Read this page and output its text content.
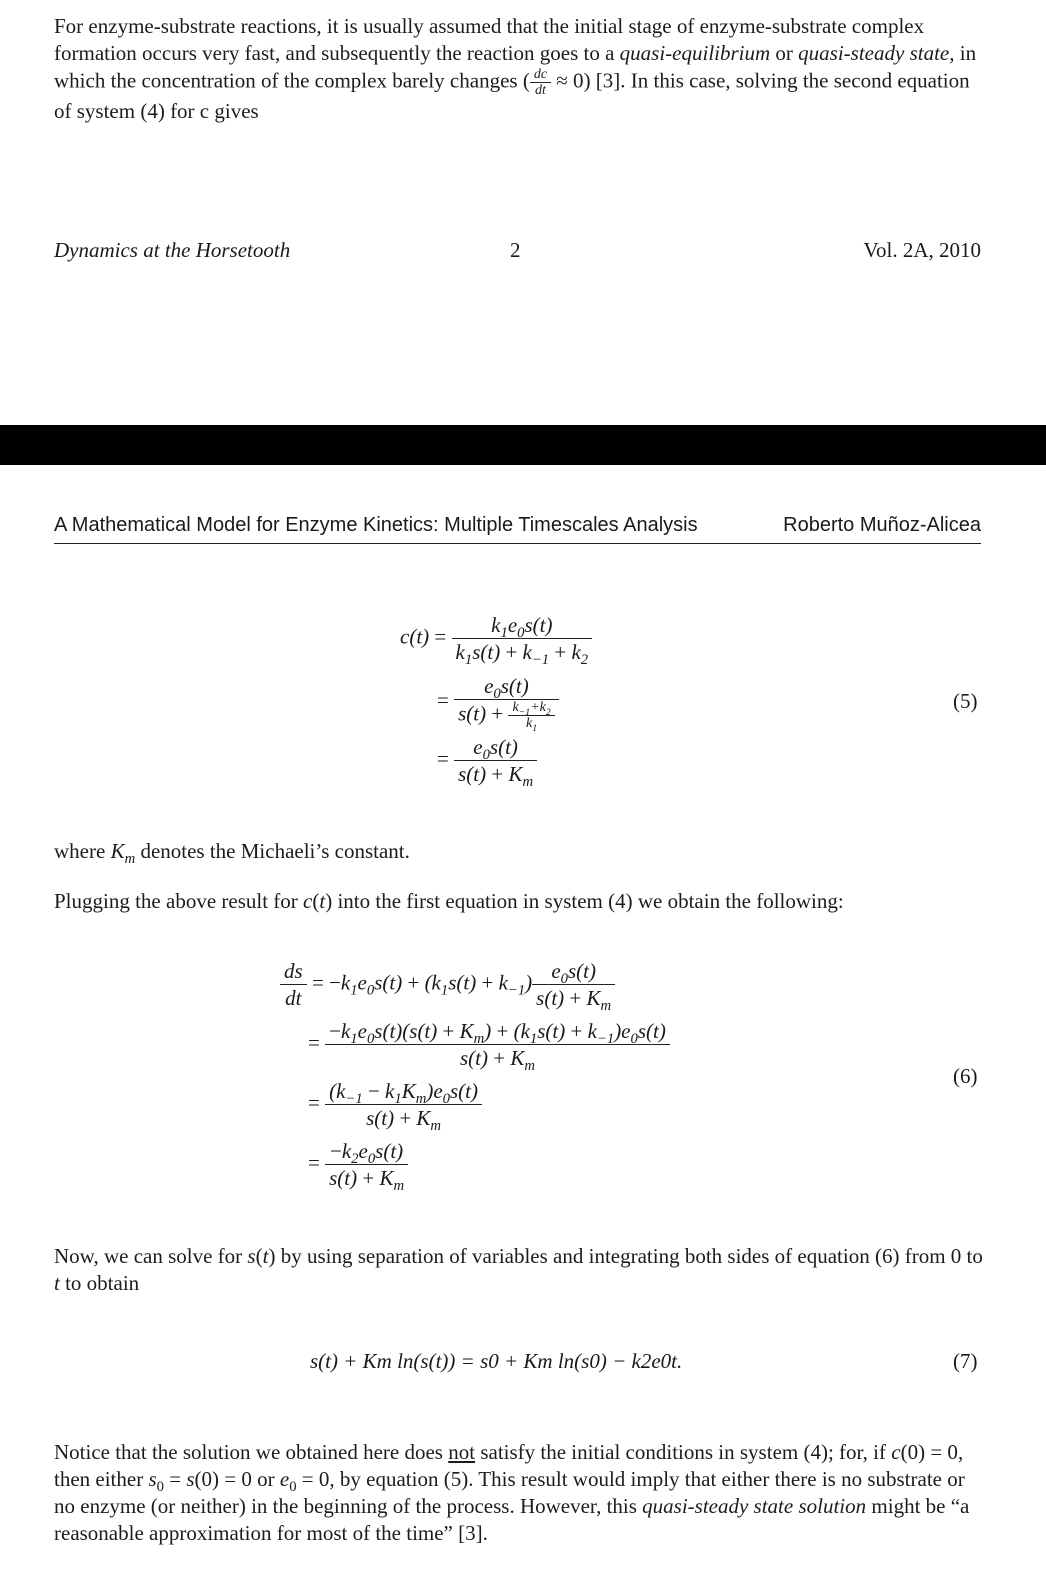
For enzyme-substrate reactions, it is usually assumed that the initial stage of enzyme-substrate complex formation occurs very fast, and subsequently the reaction goes to a quasi-equilibrium or quasi-steady state, in which the concentration of the complex barely changes ( $\frac{dc}{dt} \approx 0$) [3]. In this case, solving the second equation of system (4) for c gives
Dynamics at the Horsetooth	2	Vol. 2A, 2010
A Mathematical Model for Enzyme Kinetics: Multiple Timescales Analysis	Roberto Muñoz-Alicea
$c(t) = \frac{k_1e_0s(t)}{k_1s(t) + k_{-1} + k_2}$
= $\frac{e_0s(t)}{s(t) + \frac{k_{-1}+k_2}{k_1}}$
= $\frac{e_0s(t)}{s(t) + K_m}$
(5)
where $K_m$ denotes the Michaeli’s constant.
Plugging the above result for c(t) into the first equation in system (4) we obtain the following:
$\frac{ds}{dt} = -k_1e_0s(t) + (k_1s(t) + k_{-1}) \frac{e_0s(t)}{s(t) + K_m}$
= $\frac{-k_1e_0s(t)(s(t) + K_m) + (k_1s(t) + k_{-1})e_0s(t)}{s(t) + K_m}$
= $\frac{(k_{-1} - k_1K_m)e_0s(t)}{s(t) + K_m}$
= $\frac{-k_2e_0s(t)}{s(t) + K_m}$
(6)
Now, we can solve for s(t) by using separation of variables and integrating both sides of equation (6) from 0 to t to obtain
s(t) + Km ln(s(t)) = s0 + Km ln(s0) − k2e0t.	(7)
Notice that the solution we obtained here does not satisfy the initial conditions in system (4); for, if c(0) = 0, then either $s_0 = s(0) = 0$ or $e_0 = 0$, by equation (5). This result would imply that either there is no substrate or no enzyme (or neither) in the beginning of the process. However, this quasi-steady state solution might be “a reasonable approximation for most of the time” [3].
